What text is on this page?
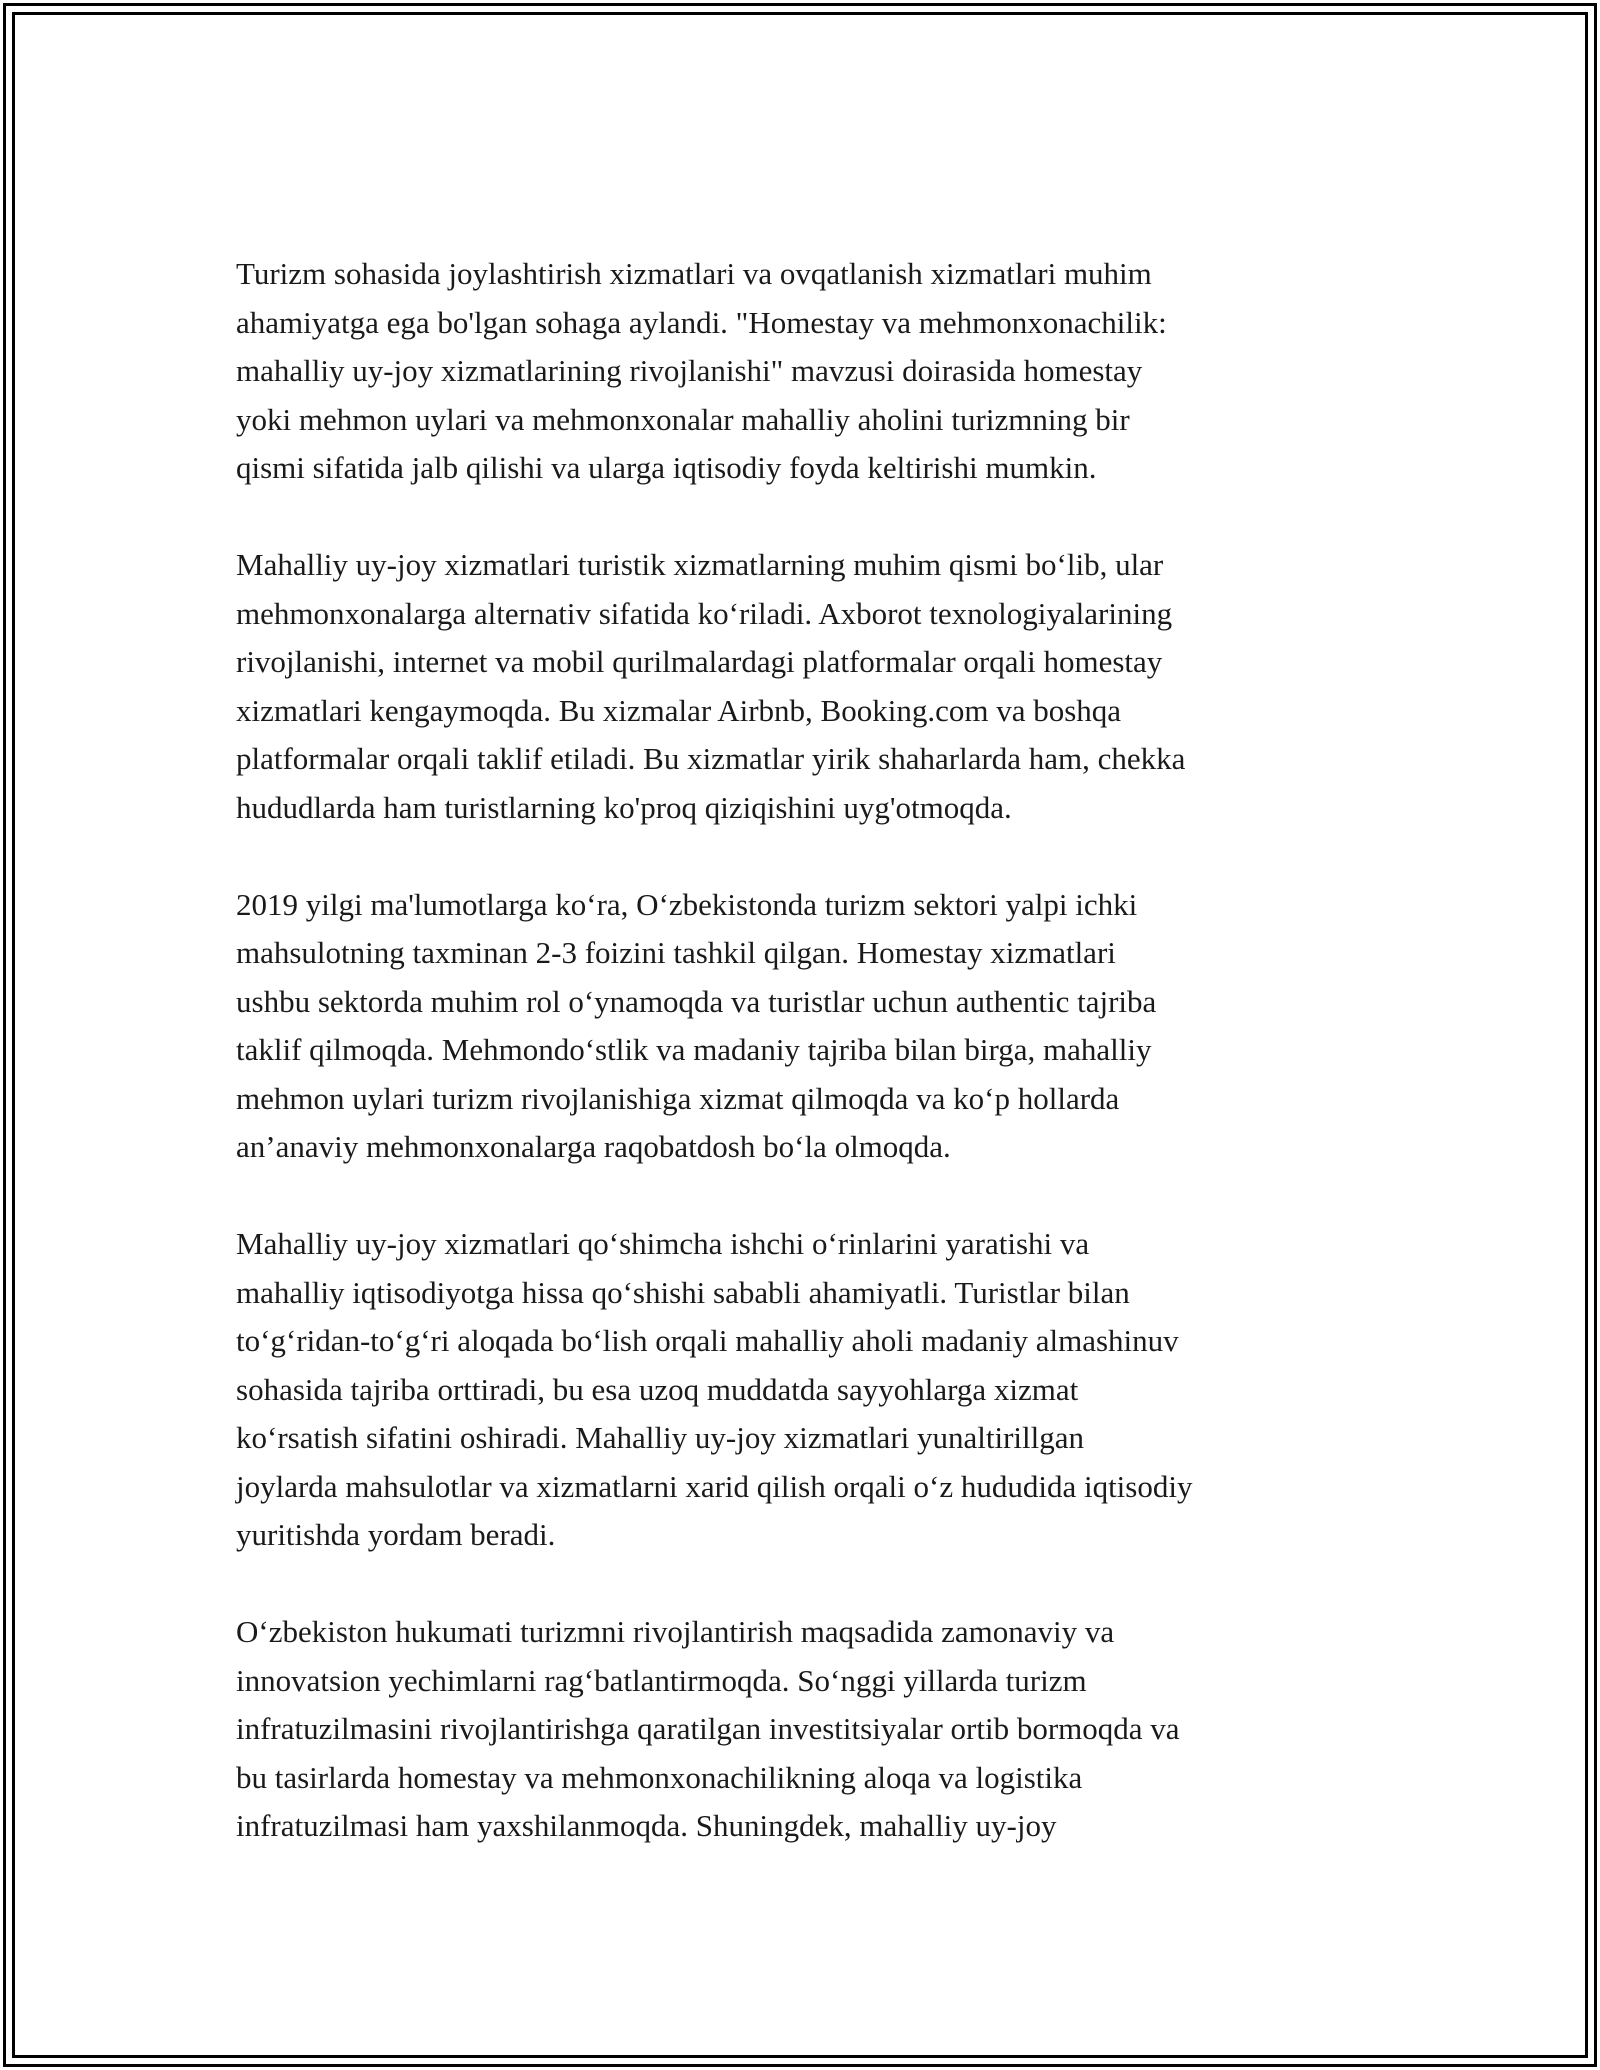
Turizm sohasida joylashtirish xizmatlari va ovqatlanish xizmatlari muhim
ahamiyatga ega bo'lgan sohaga aylandi. "Homestay va mehmonxonachilik:
mahalliy uy-joy xizmatlarining rivojlanishi" mavzusi doirasida homestay
yoki mehmon uylari va mehmonxonalar mahalliy aholini turizmning bir
qismi sifatida jalb qilishi va ularga iqtisodiy foyda keltirishi mumkin.

Mahalliy uy-joy xizmatlari turistik xizmatlarning muhim qismi bo‘lib, ular
mehmonxonalarga alternativ sifatida ko‘riladi. Axborot texnologiyalarining
rivojlanishi, internet va mobil qurilmalardagi platformalar orqali homestay
xizmatlari kengaymoqda. Bu xizmalar Airbnb, Booking.com va boshqa
platformalar orqali taklif etiladi. Bu xizmatlar yirik shaharlarda ham, chekka
hududlarda ham turistlarning ko'proq qiziqishini uyg'otmoqda.

2019 yilgi ma'lumotlarga ko‘ra, O‘zbekistonda turizm sektori yalpi ichki
mahsulotning taxminan 2-3 foizini tashkil qilgan. Homestay xizmatlari
ushbu sektorda muhim rol o‘ynamoqda va turistlar uchun authentic tajriba
taklif qilmoqda. Mehmondo‘stlik va madaniy tajriba bilan birga, mahalliy
mehmon uylari turizm rivojlanishiga xizmat qilmoqda va ko‘p hollarda
an’anaviy mehmonxonalarga raqobatdosh bo‘la olmoqda.

Mahalliy uy-joy xizmatlari qo‘shimcha ishchi o‘rinlarini yaratishi va
mahalliy iqtisodiyotga hissa qo‘shishi sababli ahamiyatli. Turistlar bilan
to‘g‘ridan-to‘g‘ri aloqada bo‘lish orqali mahalliy aholi madaniy almashinuv
sohasida tajriba orttiradi, bu esa uzoq muddatda sayyohlarga xizmat
ko‘rsatish sifatini oshiradi. Mahalliy uy-joy xizmatlari yunaltirillgan
joylarda mahsulotlar va xizmatlarni xarid qilish orqali o‘z hududida iqtisodiy
yuritishda yordam beradi.

O‘zbekiston hukumati turizmni rivojlantirish maqsadida zamonaviy va
innovatsion yechimlarni rag‘batlantirmoqda. So‘nggi yillarda turizm
infratuzilmasini rivojlantirishga qaratilgan investitsiyalar ortib bormoqda va
bu tasirlarda homestay va mehmonxonachilikning aloqa va logistika
infratuzilmasi ham yaxshilanmoqda. Shuningdek, mahalliy uy-joy
